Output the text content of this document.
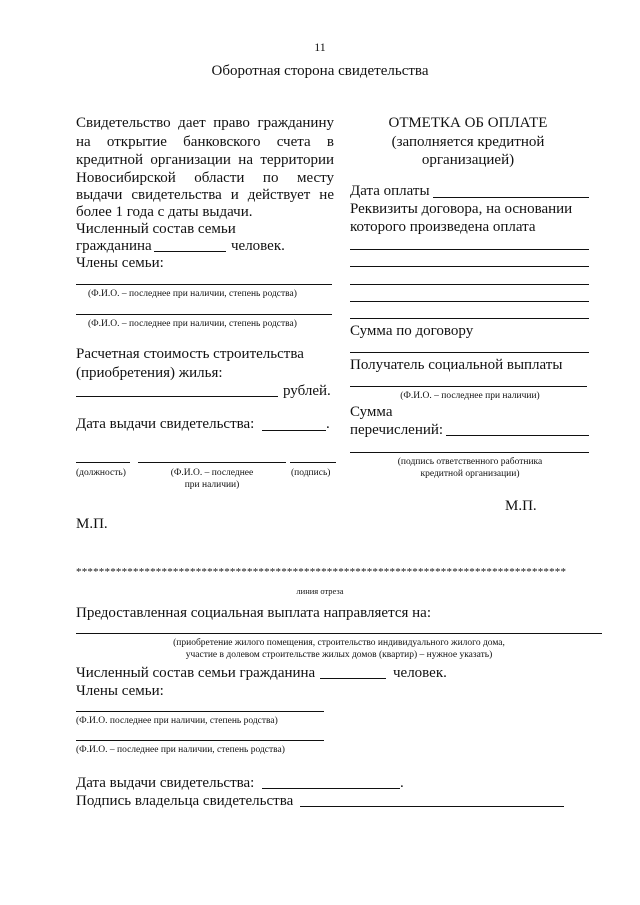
11
Оборотная сторона свидетельства
Свидетельство дает право гражданину
на открытие банковского счета в
кредитной организации на территории
Новосибирской области по месту
выдачи свидетельства и действует не
более 1 года с даты выдачи.
Численный состав семьи
гражданина	человек.
Члены семьи:
(Ф.И.О. – последнее при наличии, степень родства)
(Ф.И.О. – последнее при наличии, степень родства)
Расчетная стоимость строительства
(приобретения) жилья:
рублей.
Дата выдачи свидетельства:	.
(должность)	(Ф.И.О. – последнее
при наличии)
(подпись)
М.П.
ОТМЕТКА ОБ ОПЛАТЕ
(заполняется кредитной
организацией)
Дата оплаты
Реквизиты договора, на основании
которого произведена оплата
Сумма по договору
Получатель социальной выплаты
(Ф.И.О. – последнее при наличии)
Сумма
перечислений:
(подпись ответственного работника
кредитной организации)
М.П.
**************************************************************************************
линия отреза
Предоставленная социальная выплата направляется на:
(приобретение жилого помещения, строительство индивидуального жилого дома,
участие в долевом строительстве жилых домов (квартир) – нужное указать)
Численный состав семьи гражданина	человек.
Члены семьи:
(Ф.И.О. последнее при наличии, степень родства)
(Ф.И.О. – последнее при наличии, степень родства)
Дата выдачи свидетельства:	.
Подпись владельца свидетельства
